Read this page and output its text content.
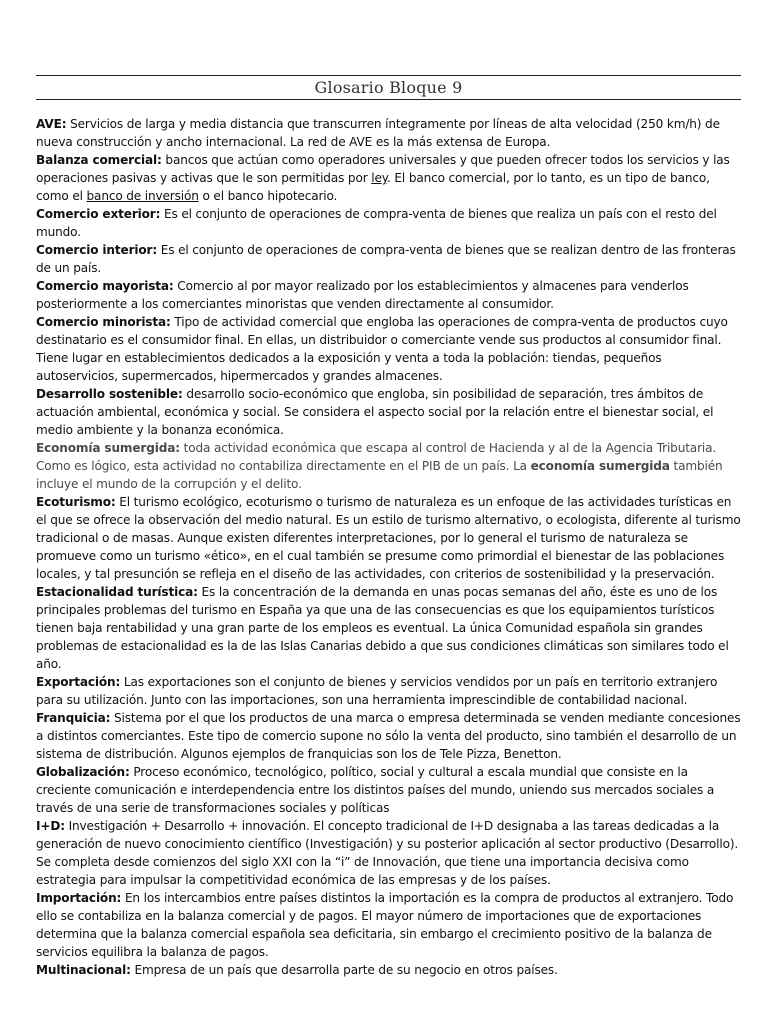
Glosario Bloque 9

AVE: Servicios de larga y media distancia que transcurren íntegramente por líneas de alta velocidad (250 km/h) de nueva construcción y ancho internacional. La red de AVE es la más extensa de Europa.

Balanza comercial: bancos que actúan como operadores universales y que pueden ofrecer todos los servicios y las operaciones pasivas y activas que le son permitidas por ley. El banco comercial, por lo tanto, es un tipo de banco, como el banco de inversión o el banco hipotecario.

Comercio exterior: Es el conjunto de operaciones de compra-venta de bienes que realiza un país con el resto del mundo.

Comercio interior: Es el conjunto de operaciones de compra-venta de bienes que se realizan dentro de las fronteras de un país.

Comercio mayorista: Comercio al por mayor realizado por los establecimientos y almacenes para venderlos posteriormente a los comerciantes minoristas que venden directamente al consumidor.

Comercio minorista: Tipo de actividad comercial que engloba las operaciones de compra-venta de productos cuyo destinatario es el consumidor final. En ellas, un distribuidor o comerciante vende sus productos al consumidor final. Tiene lugar en establecimientos dedicados a la exposición y venta a toda la población: tiendas, pequeños autoservicios, supermercados, hipermercados y grandes almacenes.

Desarrollo sostenible: desarrollo socio-económico que engloba, sin posibilidad de separación, tres ámbitos de actuación ambiental, económica y social. Se considera el aspecto social por la relación entre el bienestar social, el medio ambiente y la bonanza económica.

Economía sumergida: toda actividad económica que escapa al control de Hacienda y al de la Agencia Tributaria. Como es lógico, esta actividad no contabiliza directamente en el PIB de un país. La economía sumergida también incluye el mundo de la corrupción y el delito.

Ecoturismo: El turismo ecológico, ecoturismo o turismo de naturaleza es un enfoque de las actividades turísticas en el que se ofrece la observación del medio natural. Es un estilo de turismo alternativo, o ecologista, diferente al turismo tradicional o de masas. Aunque existen diferentes interpretaciones, por lo general el turismo de naturaleza se promueve como un turismo «ético», en el cual también se presume como primordial el bienestar de las poblaciones locales, y tal presunción se refleja en el diseño de las actividades, con criterios de sostenibilidad y la preservación.

Estacionalidad turística: Es la concentración de la demanda en unas pocas semanas del año, éste es uno de los principales problemas del turismo en España ya que una de las consecuencias es que los equipamientos turísticos tienen baja rentabilidad y una gran parte de los empleos es eventual. La única Comunidad española sin grandes problemas de estacionalidad es la de las Islas Canarias debido a que sus condiciones climáticas son similares todo el año.

Exportación: Las exportaciones son el conjunto de bienes y servicios vendidos por un país en territorio extranjero para su utilización. Junto con las importaciones, son una herramienta imprescindible de contabilidad nacional.

Franquicia: Sistema por el que los productos de una marca o empresa determinada se venden mediante concesiones a distintos comerciantes. Este tipo de comercio supone no sólo la venta del producto, sino también el desarrollo de un sistema de distribución. Algunos ejemplos de franquicias son los de Tele Pizza, Benetton.

Globalización: Proceso económico, tecnológico, político, social y cultural a escala mundial que consiste en la creciente comunicación e interdependencia entre los distintos países del mundo, uniendo sus mercados sociales a través de una serie de transformaciones sociales y políticas

I+D: Investigación + Desarrollo + innovación. El concepto tradicional de I+D designaba a las tareas dedicadas a la generación de nuevo conocimiento científico (Investigación) y su posterior aplicación al sector productivo (Desarrollo). Se completa desde comienzos del siglo XXI con la “i” de Innovación, que tiene una importancia decisiva como estrategia para impulsar la competitividad económica de las empresas y de los países.

Importación: En los intercambios entre países distintos la importación es la compra de productos al extranjero. Todo ello se contabiliza en la balanza comercial y de pagos. El mayor número de importaciones que de exportaciones determina que la balanza comercial española sea deficitaria, sin embargo el crecimiento positivo de la balanza de servicios equilibra la balanza de pagos.

Multinacional: Empresa de un país que desarrolla parte de su negocio en otros países.
